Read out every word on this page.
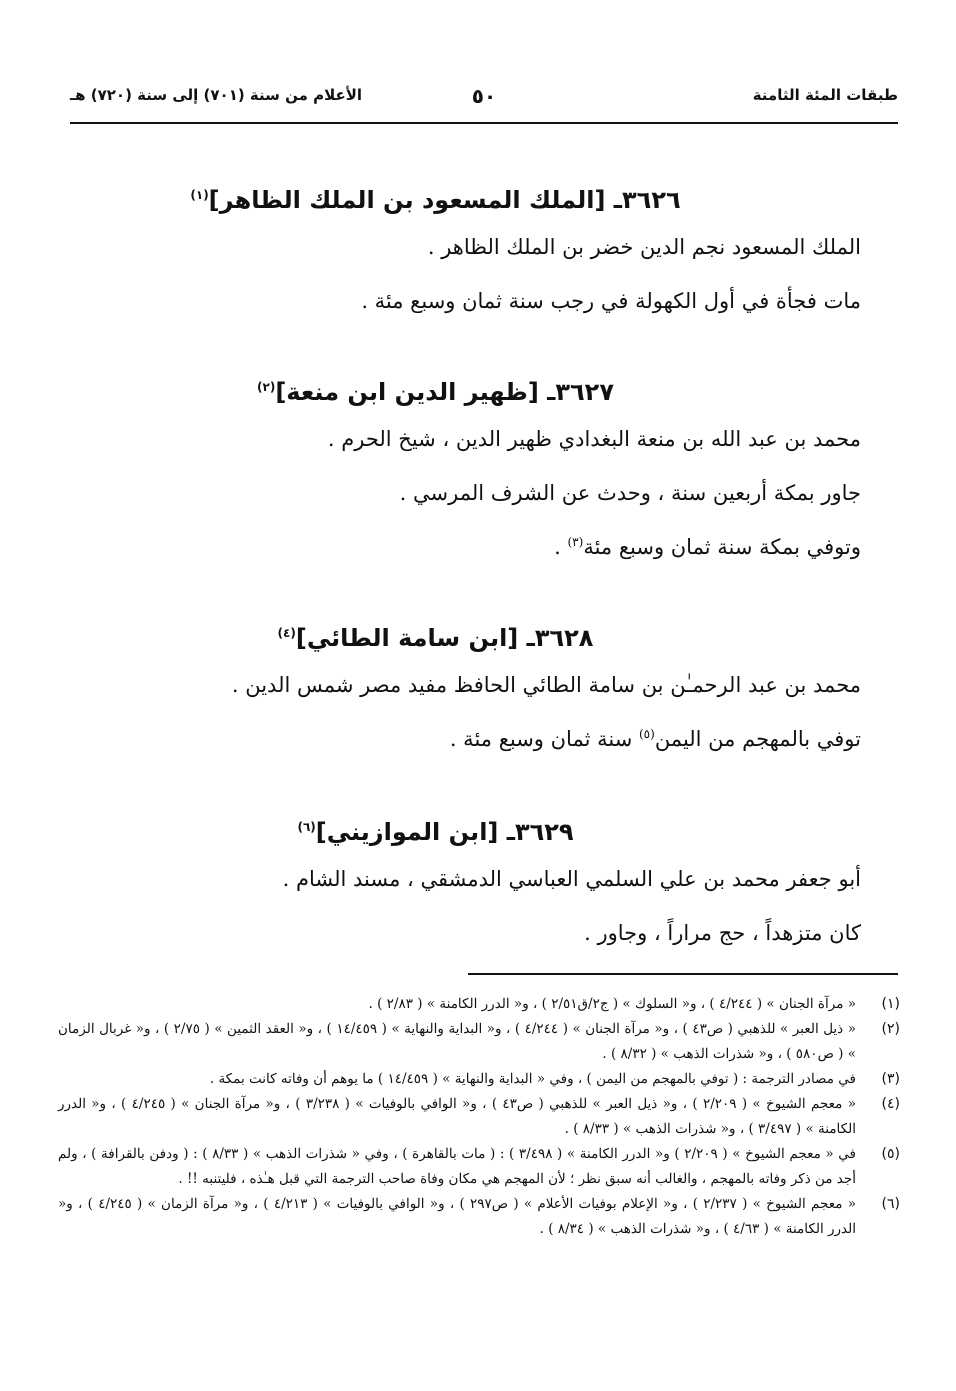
طبقات المئة الثامنة
٥٠
الأعلام من سنة (٧٠١) إلى سنة (٧٢٠) هـ
٣٦٢٦ـ [الملك المسعود بن الملك الظاهر]$^{(١)}$
الملك المسعود نجم الدين خضر بن الملك الظاهر .
مات فجأة في أول الكهولة في رجب سنة ثمان وسبع مئة .
٣٦٢٧ـ [ظهير الدين ابن منعة]$^{(٢)}$
محمد بن عبد الله بن منعة البغدادي ظهير الدين ، شيخ الحرم .
جاور بمكة أربعين سنة ، وحدث عن الشرف المرسي .
وتوفي بمكة سنة ثمان وسبع مئة$^{(٣)}$ .
٣٦٢٨ـ [ابن سامة الطائي]$^{(٤)}$
محمد بن عبد الرحمـٰن بن سامة الطائي الحافظ مفيد مصر شمس الدين .
توفي بالمهجم من اليمن$^{(٥)}$ سنة ثمان وسبع مئة .
٣٦٢٩ـ [ابن الموازيني]$^{(٦)}$
أبو جعفر محمد بن علي السلمي العباسي الدمشقي ، مسند الشام .
كان متزهداً ، حج مراراً ، وجاور .
(١)
« مرآة الجنان » ( ٤/٢٤٤ ) ، و« السلوك » ( ج٢/ق٢/٥١ ) ، و« الدرر الكامنة » ( ٢/٨٣ ) .
(٢)
« ذيل العبر » للذهبي ( ص٤٣ ) ، و« مرآة الجنان » ( ٤/٢٤٤ ) ، و« البداية والنهاية » ( ١٤/٤٥٩ ) ، و« العقد الثمين » ( ٢/٧٥ ) ، و« غربال الزمان » ( ص٥٨٠ ) ، و« شذرات الذهب » ( ٨/٣٢ ) .
(٣)
في مصادر الترجمة : ( توفي بالمهجم من اليمن ) ، وفي « البداية والنهاية » ( ١٤/٤٥٩ ) ما يوهم أن وفاته كانت بمكة .
(٤)
« معجم الشيوخ » ( ٢/٢٠٩ ) ، و« ذيل العبر » للذهبي ( ص٤٣ ) ، و« الوافي بالوفيات » ( ٣/٢٣٨ ) ، و« مرآة الجنان » ( ٤/٢٤٥ ) ، و« الدرر الكامنة » ( ٣/٤٩٧ ) ، و« شذرات الذهب » ( ٨/٣٣ ) .
(٥)
في « معجم الشيوخ » ( ٢/٢٠٩ ) و« الدرر الكامنة » ( ٣/٤٩٨ ) : ( مات بالقاهرة ) ، وفي « شذرات الذهب » ( ٨/٣٣ ) : ( ودفن بالقرافة ) ، ولم أجد من ذكر وفاته بالمهجم ، والغالب أنه سبق نظر ؛ لأن المهجم هي مكان وفاة صاحب الترجمة التي قبل هـٰذه ، فليتنبه !! .
(٦)
« معجم الشيوخ » ( ٢/٢٣٧ ) ، و« الإعلام بوفيات الأعلام » ( ص٢٩٧ ) ، و« الوافي بالوفيات » ( ٤/٢١٣ ) ، و« مرآة الزمان » ( ٤/٢٤٥ ) ، و« الدرر الكامنة » ( ٤/٦٣ ) ، و« شذرات الذهب » ( ٨/٣٤ ) .
